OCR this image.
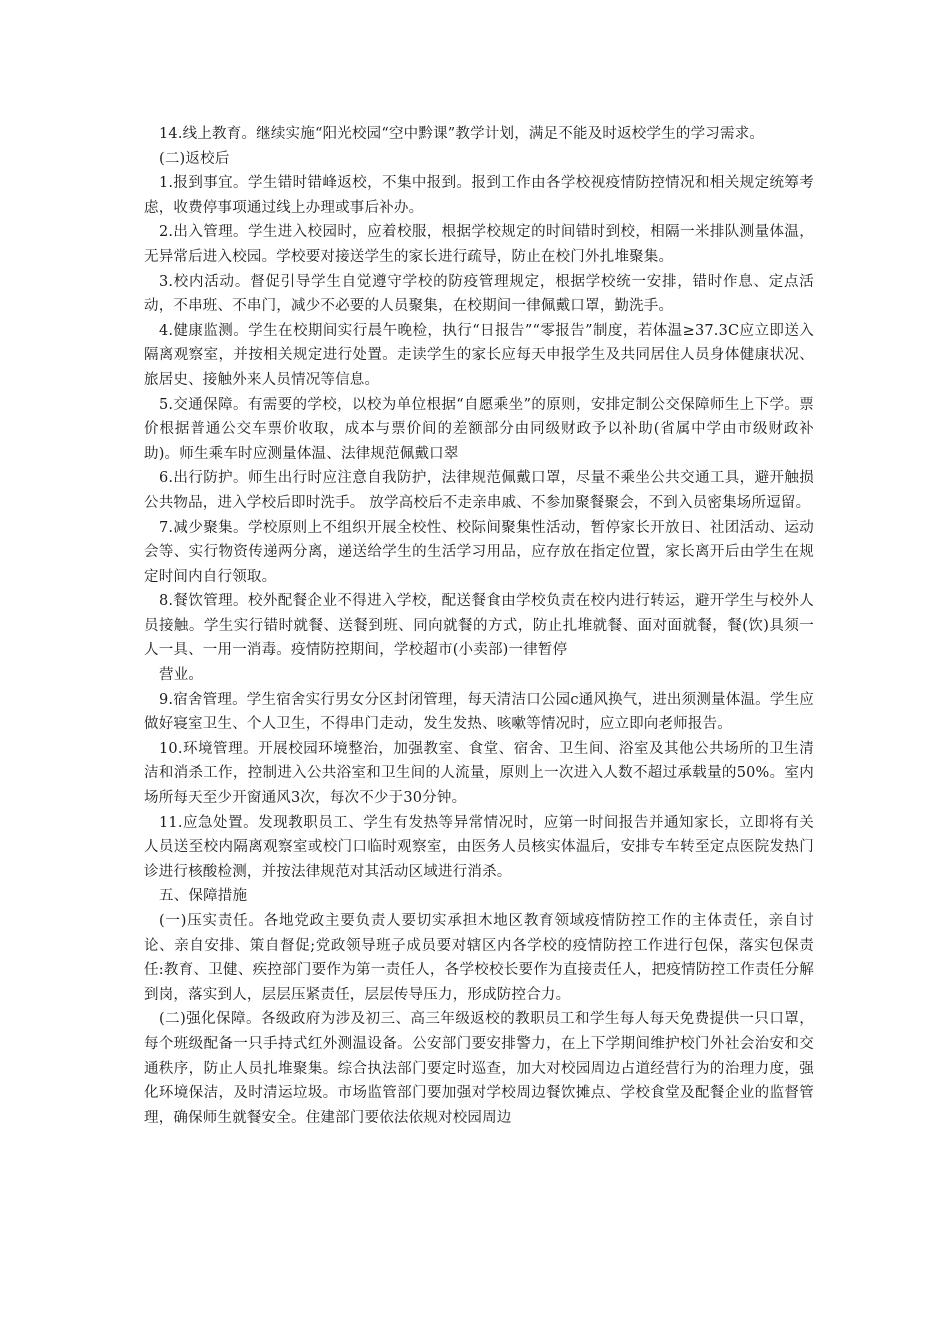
14.线上教育。继续实施“阳光校园“空中黔课”教学计划，满足不能及时返校学生的学习需求。

(二)返校后

1.报到事宜。学生错时错峰返校，不集中报到。报到工作由各学校视疫情防控情况和相关规定统筹考虑，收费停事项通过线上办理或事后补办。

2.出入管理。学生进入校园时，应着校服，根据学校规定的时间错时到校，相隔一米排队测量体温，无异常后进入校园。学校要对接送学生的家长进行疏导，防止在校门外扎堆聚集。

3.校内活动。督促引导学生自觉遵守学校的防疫管理规定，根据学校统一安排，错时作息、定点活动，不串班、不串门，减少不必要的人员聚集，在校期间一律佩戴口罩，勤洗手。

4.健康监测。学生在校期间实行晨午晚检，执行“日报告”“零报告”制度，若体温≥37.3C应立即送入隔离观察室，并按相关规定进行处置。走读学生的家长应每天申报学生及共同居住人员身体健康状况、旅居史、接触外来人员情况等信息。

5.交通保障。有需要的学校，以校为单位根据“自愿乘坐”的原则，安排定制公交保障师生上下学。票价根据普通公交车票价收取，成本与票价间的差额部分由同级财政予以补助(省属中学由市级财政补助)。师生乘车时应测量体温、法律规范佩戴口翠

6.出行防护。师生出行时应注意自我防护，法律规范佩戴口罩，尽量不乘坐公共交通工具，避开触损公共物品，进入学校后即时洗手。 放学高校后不走亲串戚、不参加聚餐聚会，不到入员密集场所逗留。

7.减少聚集。学校原则上不组织开展全校性、校际间聚集性活动，暂停家长开放日、社团活动、运动会等、实行物资传递两分离，递送给学生的生活学习用品，应存放在指定位置，家长离开后由学生在规定时间内自行领取。

8.餐饮管理。校外配餐企业不得进入学校，配送餐食由学校负责在校内进行转运，避开学生与校外人员接触。学生实行错时就餐、送餐到班、同向就餐的方式，防止扎堆就餐、面对面就餐，餐(饮)具须一人一具、一用一消毒。疫情防控期间，学校超市(小卖部)一律暂停

营业。

9.宿舍管理。学生宿舍实行男女分区封闭管理，每天清洁口公园c通风换气，进出须测量体温。学生应做好寝室卫生、个人卫生，不得串门走动，发生发热、咳嗽等情况时，应立即向老师报告。

10.环境管理。开展校园环境整治，加强教室、食堂、宿舍、卫生间、浴室及其他公共场所的卫生清洁和消杀工作，控制进入公共浴室和卫生间的人流量，原则上一次进入人数不超过承载量的50%。室内场所每天至少开窗通风3次，每次不少于30分钟。

11.应急处置。发现教职员工、学生有发热等异常情况时，应第一时间报告并通知家长，立即将有关人员送至校内隔离观察室或校门口临时观察室，由医务人员核实体温后，安排专车转至定点医院发热门诊进行核酸检测，并按法律规范对其活动区域进行消杀。

五、保障措施

(一)压实责任。各地党政主要负责人要切实承担木地区教育领域疫情防控工作的主体责任，亲自讨论、亲自安排、策自督促;党政领导班子成员要对辖区内各学校的疫情防控工作进行包保，落实包保责任:教育、卫健、疾控部门要作为第一责任人，各学校校长要作为直接责任人，把疫情防控工作责任分解到岗，落实到人，层层压紧责任，层层传导压力，形成防控合力。

(二)强化保障。各级政府为涉及初三、高三年级返校的教职员工和学生每人每天免费提供一只口罩，每个班级配备一只手持式红外测温设备。公安部门要安排警力，在上下学期间维护校门外社会治安和交通秩序，防止人员扎堆聚集。综合执法部门要定时巡查，加大对校园周边占道经营行为的治理力度，强化环境保洁，及时清运垃圾。市场监管部门要加强对学校周边餐饮摊点、学校食堂及配餐企业的监督管理，确保师生就餐安全。住建部门要依法依规对校园周边
